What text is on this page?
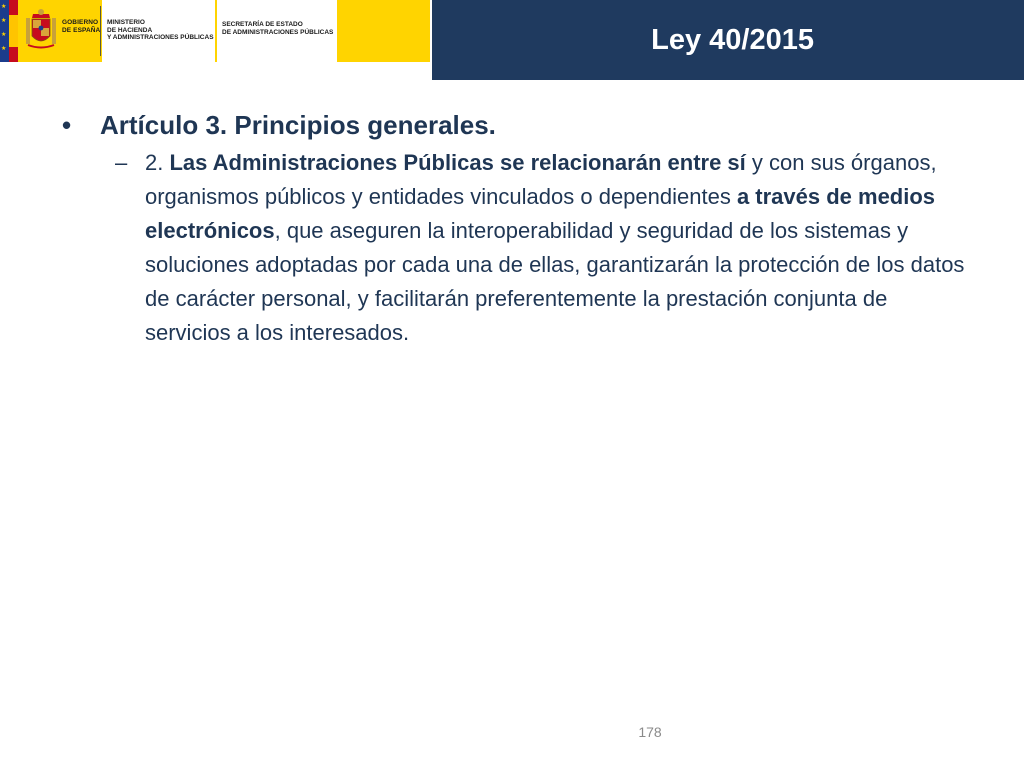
★
★
★
★
GOBIERNO
DE ESPAÑA
MINISTERIO
DE HACIENDA
Y ADMINISTRACIONES PÚBLICAS
SECRETARÍA DE ESTADO
DE ADMINISTRACIONES PÚBLICAS	Ley 40/2015
• Artículo 3. Principios generales.
– 2. Las Administraciones Públicas se relacionarán entre sí y con sus órganos, organismos públicos y entidades vinculados o dependientes a través de medios electrónicos, que aseguren la interoperabilidad y seguridad de los sistemas y soluciones adoptadas por cada una de ellas, garantizarán la protección de los datos de carácter personal, y facilitarán preferentemente la prestación conjunta de servicios a los interesados.
178
